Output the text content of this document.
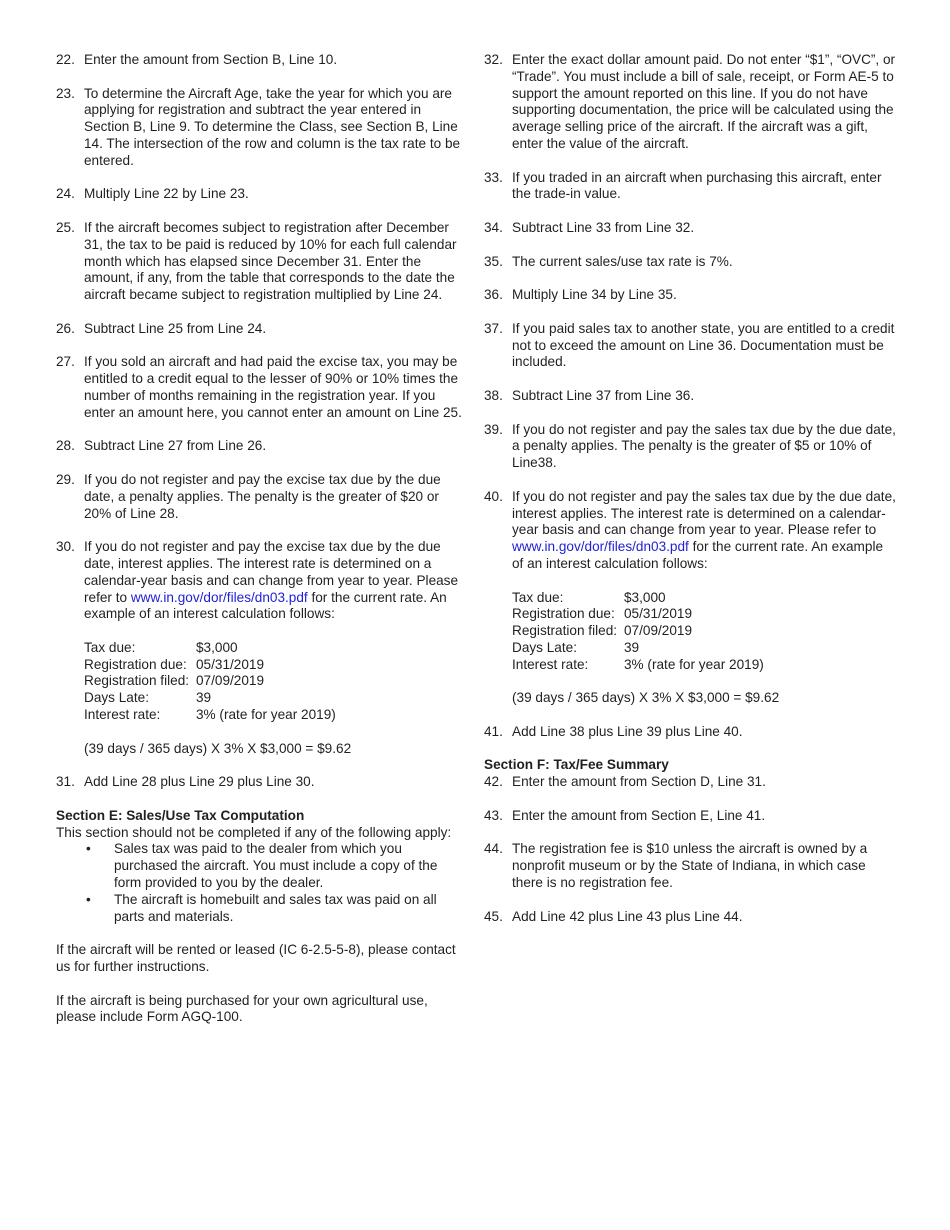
22. Enter the amount from Section B, Line 10.
23. To determine the Aircraft Age, take the year for which you are applying for registration and subtract the year entered in Section B, Line 9. To determine the Class, see Section B, Line 14. The intersection of the row and column is the tax rate to be entered.
24. Multiply Line 22 by Line 23.
25. If the aircraft becomes subject to registration after December 31, the tax to be paid is reduced by 10% for each full calendar month which has elapsed since December 31. Enter the amount, if any, from the table that corresponds to the date the aircraft became subject to registration multiplied by Line 24.
26. Subtract Line 25 from Line 24.
27. If you sold an aircraft and had paid the excise tax, you may be entitled to a credit equal to the lesser of 90% or 10% times the number of months remaining in the registration year. If you enter an amount here, you cannot enter an amount on Line 25.
28. Subtract Line 27 from Line 26.
29. If you do not register and pay the excise tax due by the due date, a penalty applies. The penalty is the greater of $20 or 20% of Line 28.
30. If you do not register and pay the excise tax due by the due date, interest applies. The interest rate is determined on a calendar-year basis and can change from year to year. Please refer to www.in.gov/dor/files/dn03.pdf for the current rate. An example of an interest calculation follows:
Tax due:	$3,000
Registration due: 05/31/2019
Registration filed: 07/09/2019
Days Late:	39
Interest rate:	3% (rate for year 2019)
(39 days / 365 days) X 3% X $3,000 = $9.62
31. Add Line 28 plus Line 29 plus Line 30.

Section E: Sales/Use Tax Computation

This section should not be completed if any of the following apply:

• Sales tax was paid to the dealer from which you purchased the aircraft. You must include a copy of the form provided to you by the dealer.
• The aircraft is homebuilt and sales tax was paid on all parts and materials.

If the aircraft will be rented or leased (IC 6-2.5-5-8), please contact us for further instructions.

If the aircraft is being purchased for your own agricultural use, please include Form AGQ-100.

32. Enter the exact dollar amount paid. Do not enter “$1”, “OVC”, or “Trade”. You must include a bill of sale, receipt, or Form AE-5 to support the amount reported on this line. If you do not have supporting documentation, the price will be calculated using the average selling price of the aircraft. If the aircraft was a gift, enter the value of the aircraft.
33. If you traded in an aircraft when purchasing this aircraft, enter the trade-in value.
34. Subtract Line 33 from Line 32.
35. The current sales/use tax rate is 7%.
36. Multiply Line 34 by Line 35.
37. If you paid sales tax to another state, you are entitled to a credit not to exceed the amount on Line 36. Documentation must be included.
38. Subtract Line 37 from Line 36.
39. If you do not register and pay the sales tax due by the due date, a penalty applies. The penalty is the greater of $5 or 10% of Line38.
40. If you do not register and pay the sales tax due by the due date, interest applies. The interest rate is determined on a calendar-year basis and can change from year to year. Please refer to www.in.gov/dor/files/dn03.pdf for the current rate. An example of an interest calculation follows:
Tax due:	$3,000
Registration due: 05/31/2019
Registration filed: 07/09/2019
Days Late:	39
Interest rate:	3% (rate for year 2019)
(39 days / 365 days) X 3% X $3,000 = $9.62
41. Add Line 38 plus Line 39 plus Line 40.

Section F: Tax/Fee Summary

42. Enter the amount from Section D, Line 31.
43. Enter the amount from Section E, Line 41.
44. The registration fee is $10 unless the aircraft is owned by a nonprofit museum or by the State of Indiana, in which case there is no registration fee.
45. Add Line 42 plus Line 43 plus Line 44.
